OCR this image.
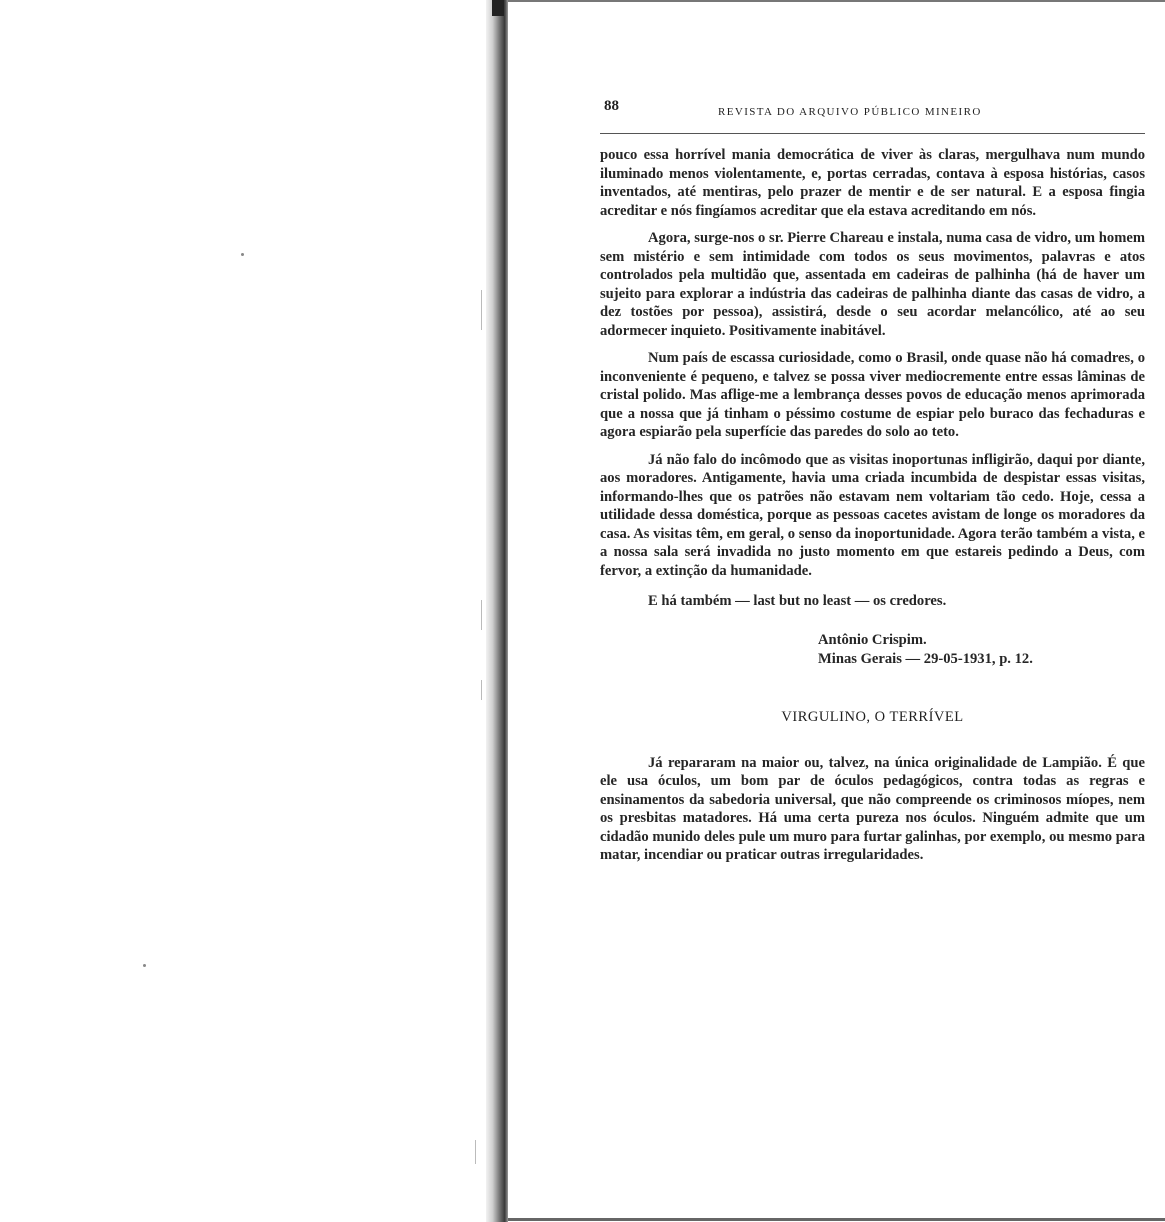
88	REVISTA DO ARQUIVO PÚBLICO MINEIRO

pouco essa horrível mania democrática de viver às claras, mergulhava num mundo iluminado menos violentamente, e, portas cerradas, contava à esposa histórias, casos inventados, até mentiras, pelo prazer de mentir e de ser natural. E a esposa fingia acreditar e nós fingíamos acreditar que ela estava acreditando em nós.

Agora, surge-nos o sr. Pierre Chareau e instala, numa casa de vidro, um homem sem mistério e sem intimidade com todos os seus movimentos, palavras e atos controlados pela multidão que, assentada em cadeiras de palhinha (há de haver um sujeito para explorar a indústria das cadeiras de palhinha diante das casas de vidro, a dez tostões por pessoa), assistirá, desde o seu acordar melancólico, até ao seu adormecer inquieto. Positivamente inabitável.

Num país de escassa curiosidade, como o Brasil, onde quase não há comadres, o inconveniente é pequeno, e talvez se possa viver mediocremente entre essas lâminas de cristal polido. Mas aflige-me a lembrança desses povos de educação menos aprimorada que a nossa que já tinham o péssimo costume de espiar pelo buraco das fechaduras e agora espiarão pela superfície das paredes do solo ao teto.

Já não falo do incômodo que as visitas inoportunas infligirão, daqui por diante, aos moradores. Antigamente, havia uma criada incumbida de despistar essas visitas, informando-lhes que os patrões não estavam nem voltariam tão cedo. Hoje, cessa a utilidade dessa doméstica, porque as pessoas cacetes avistam de longe os moradores da casa. As visitas têm, em geral, o senso da inoportunidade. Agora terão também a vista, e a nossa sala será invadida no justo momento em que estareis pedindo a Deus, com fervor, a extinção da humanidade.

E há também — last but no least — os credores.

Antônio Crispim.
Minas Gerais — 29-05-1931, p. 12.
VIRGULINO, O TERRÍVEL

Já repararam na maior ou, talvez, na única originalidade de Lampião. É que ele usa óculos, um bom par de óculos pedagógicos, contra todas as regras e ensinamentos da sabedoria universal, que não compreende os criminosos míopes, nem os presbitas matadores. Há uma certa pureza nos óculos. Ninguém admite que um cidadão munido deles pule um muro para furtar galinhas, por exemplo, ou mesmo para matar, incendiar ou praticar outras irregularidades.
